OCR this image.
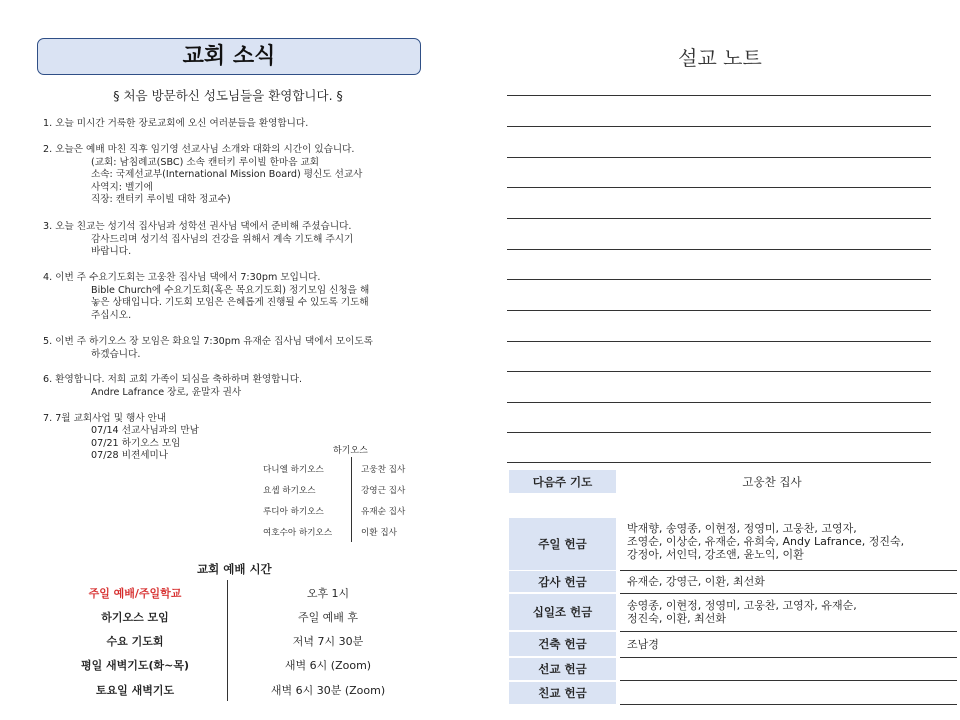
교회 소식
§ 처음 방문하신 성도님들을 환영합니다. §
1. 오늘 미시간 거룩한 장로교회에 오신 여러분들을 환영합니다.
2. 오늘은 예배 마친 직후 임기영 선교사님 소개와 대화의 시간이 있습니다.
(교회: 남침례교(SBC) 소속 캔터키 루이빌 한마음 교회
소속: 국제선교부(International Mission Board) 평신도 선교사
사역지: 벨기에
직장: 캔터키 루이빌 대학 정교수)
3. 오늘 친교는 성기석 집사님과 성학선 권사님 댁에서 준비해 주셨습니다.
감사드리며 성기석 집사님의 건강을 위해서 계속 기도해 주시기
바랍니다.
4. 이번 주 수요기도회는 고웅찬 집사님 댁에서 7:30pm 모입니다.
Bible Church에 수요기도회(혹은 목요기도회) 정기모임 신청을 해
놓은 상태입니다. 기도회 모임은 은혜롭게 진행될 수 있도록 기도해
주십시오.
5. 이번 주 하기오스 장 모임은 화요일 7:30pm 유재순 집사님 댁에서 모이도록
하겠습니다.
6. 환영합니다. 저희 교회 가족이 되심을 축하하며 환영합니다.
Andre Lafrance 장로, 윤말자 권사
7. 7월 교회사업 및 행사 안내
07/14 선교사님과의 만남
07/21 하기오스 모임
07/28 비젼세미나	하기오스
다니엘 하기오스	고웅찬 집사
요셉 하기오스	강영근 집사
루디아 하기오스	유재순 집사
여호수아 하기오스	이환 집사
교회 예배 시간
주일 예배/주일학교	오후 1시
하기오스 모임	주일 예배 후
수요 기도회	저녁 7시 30분
평일 새벽기도(화~목)	새벽 6시 (Zoom)
토요일 새벽기도	새벽 6시 30분 (Zoom)
설교 노트
다음주 기도	고웅찬 집사
주일 헌금
박재향, 송영종, 이현정, 정영미, 고웅찬, 고영자,
조영순, 이상순, 유재순, 유희숙, Andy Lafrance, 정진숙,
강정아, 서인덕, 강조앤, 윤노익, 이환
감사 헌금	유재순, 강영근, 이환, 최선화
십일조 헌금	송영종, 이현정, 정영미, 고웅찬, 고영자, 유재순,
정진숙, 이환, 최선화
건축 헌금	조남경
선교 헌금
친교 헌금
